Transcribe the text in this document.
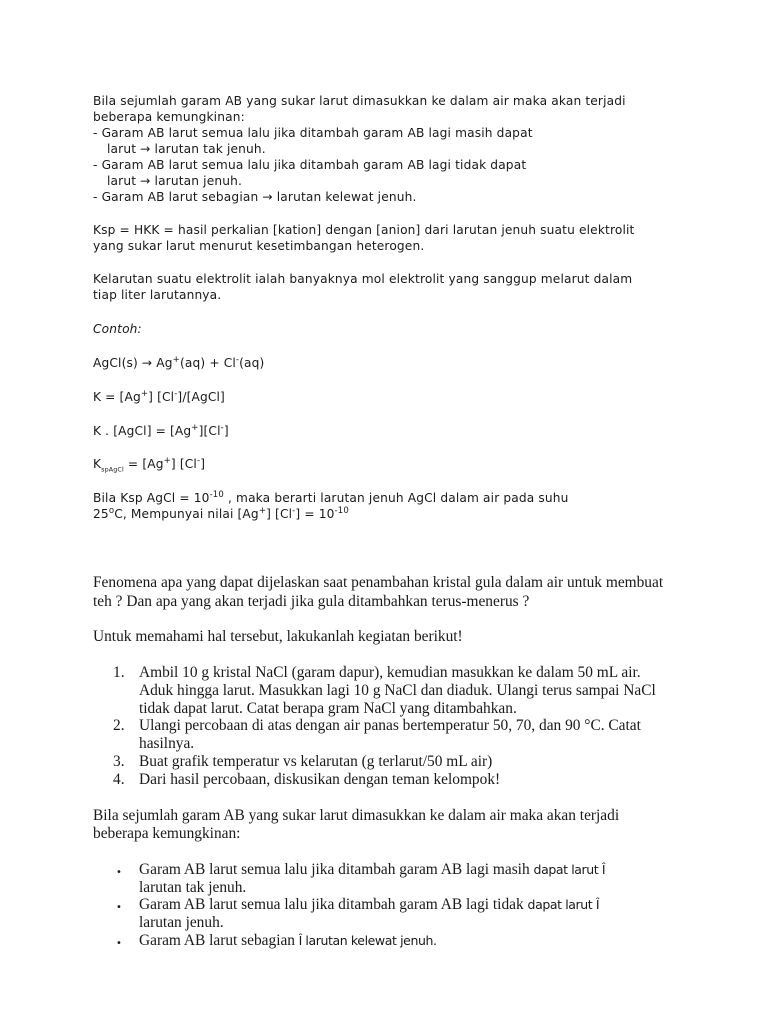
Bila sejumlah garam AB yang sukar larut dimasukkan ke dalam air maka akan terjadi

beberapa kemungkinan:

- Garam AB larut semua lalu jika ditambah garam AB lagi masih dapat

larut → larutan tak jenuh.

- Garam AB larut semua lalu jika ditambah garam AB lagi tidak dapat

larut → larutan jenuh.

- Garam AB larut sebagian → larutan kelewat jenuh.

Ksp = HKK = hasil perkalian [kation] dengan [anion] dari larutan jenuh suatu elektrolit

yang sukar larut menurut kesetimbangan heterogen.

Kelarutan suatu elektrolit ialah banyaknya mol elektrolit yang sanggup melarut dalam

tiap liter larutannya.

Contoh:

AgCl(s) → Ag+(aq) + Cl-(aq)

K = [Ag+] [Cl-]/[AgCl]

K . [AgCl] = [Ag+][Cl-]

$K_{spAgCl} = [Ag^+]$ [Cl-]

Bila Ksp AgCl = $10^{-10}$ , maka berarti larutan jenuh AgCl dalam air pada suhu

25$^o$C, Mempunyai nilai [Ag+] $[Cl^-] = 10^{-10}$

Fenomena apa yang dapat dijelaskan saat penambahan kristal gula dalam air untuk membuat

teh ? Dan apa yang akan terjadi jika gula ditambahkan terus-menerus ?

Untuk memahami hal tersebut, lakukanlah kegiatan berikut!

1. Ambil 10 g kristal NaCl (garam dapur), kemudian masukkan ke dalam 50 mL air.
Aduk hingga larut. Masukkan lagi 10 g NaCl dan diaduk. Ulangi terus sampai NaCl
tidak dapat larut. Catat berapa gram NaCl yang ditambahkan.
2. Ulangi percobaan di atas dengan air panas bertemperatur 50, 70, dan 90 °C. Catat
hasilnya.
3. Buat grafik temperatur vs kelarutan (g terlarut/50 mL air)
4. Dari hasil percobaan, diskusikan dengan teman kelompok!

Bila sejumlah garam AB yang sukar larut dimasukkan ke dalam air maka akan terjadi

beberapa kemungkinan:

• Garam AB larut semua lalu jika ditambah garam AB lagi masih dapat larut Î
larutan tak jenuh.
• Garam AB larut semua lalu jika ditambah garam AB lagi tidak dapat larut Î
larutan jenuh.
• Garam AB larut sebagian Î larutan kelewat jenuh.
